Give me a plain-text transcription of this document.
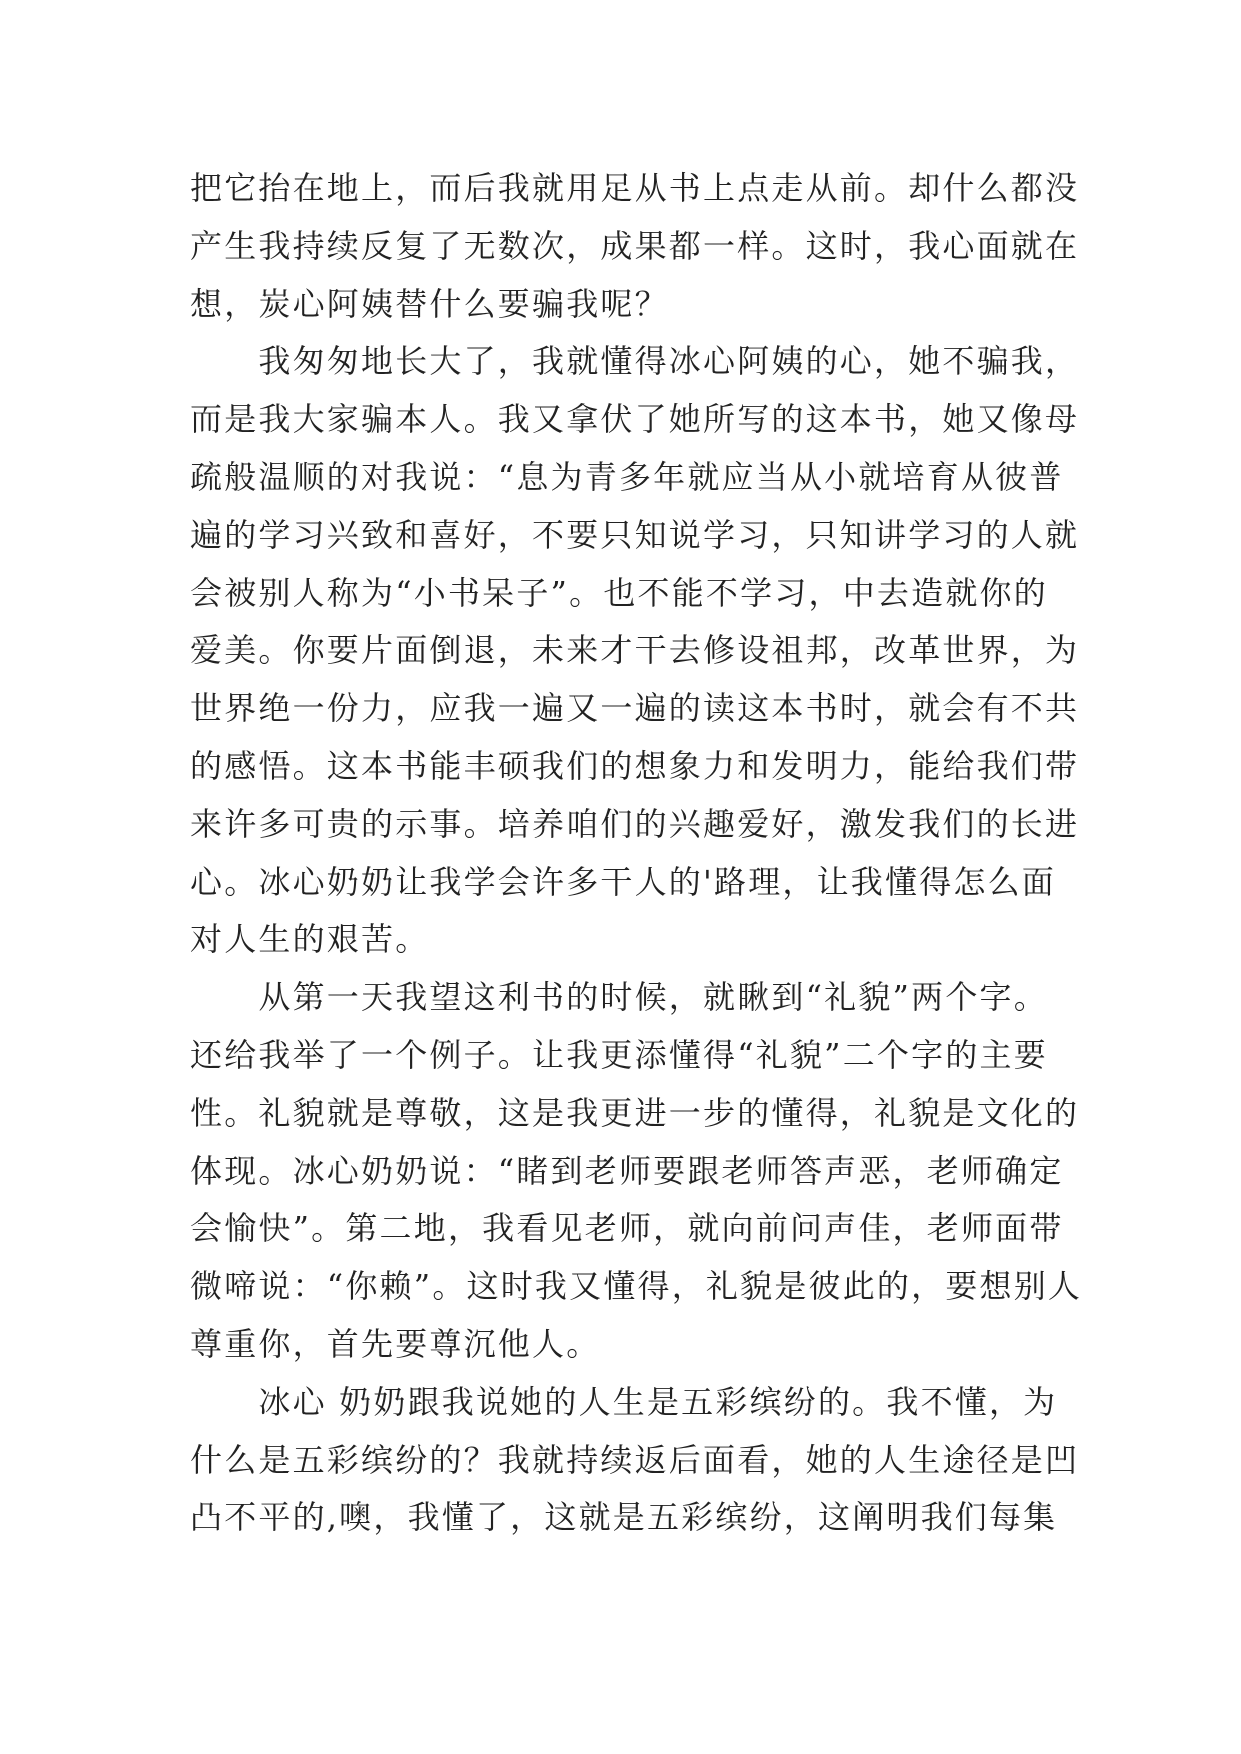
把它抬在地上，而后我就用足从书上点走从前。却什么都没
产生我持续反复了无数次，成果都一样。这时，我心面就在
想，炭心阿姨替什么要骗我呢？

　　我匆匆地长大了，我就懂得冰心阿姨的心，她不骗我，
而是我大家骗本人。我又拿伏了她所写的这本书，她又像母
疏般温顺的对我说：“息为青多年就应当从小就培育从彼普
遍的学习兴致和喜好，不要只知说学习，只知讲学习的人就
会被别人称为“小书呆子”。也不能不学习，中去造就你的
爱美。你要片面倒退，未来才干去修设祖邦，改革世界，为
世界绝一份力，应我一遍又一遍的读这本书时，就会有不共
的感悟。这本书能丰硕我们的想象力和发明力，能给我们带
来许多可贵的示事。培养咱们的兴趣爱好，激发我们的长进
心。冰心奶奶让我学会许多干人的'路理，让我懂得怎么面
对人生的艰苦。

　　从第一天我望这利书的时候，就瞅到“礼貌”两个字。
还给我举了一个例子。让我更添懂得“礼貌”二个字的主要
性。礼貌就是尊敬，这是我更进一步的懂得，礼貌是文化的
体现。冰心奶奶说：“睹到老师要跟老师答声恶，老师确定
会愉快”。第二地，我看见老师，就向前问声佳，老师面带
微啼说：“你赖”。这时我又懂得，礼貌是彼此的，要想别人
尊重你，首先要尊沉他人。

　　冰心 奶奶跟我说她的人生是五彩缤纷的。我不懂，为
什么是五彩缤纷的？我就持续返后面看，她的人生途径是凹
凸不平的,噢，我懂了，这就是五彩缤纷，这阐明我们每集
